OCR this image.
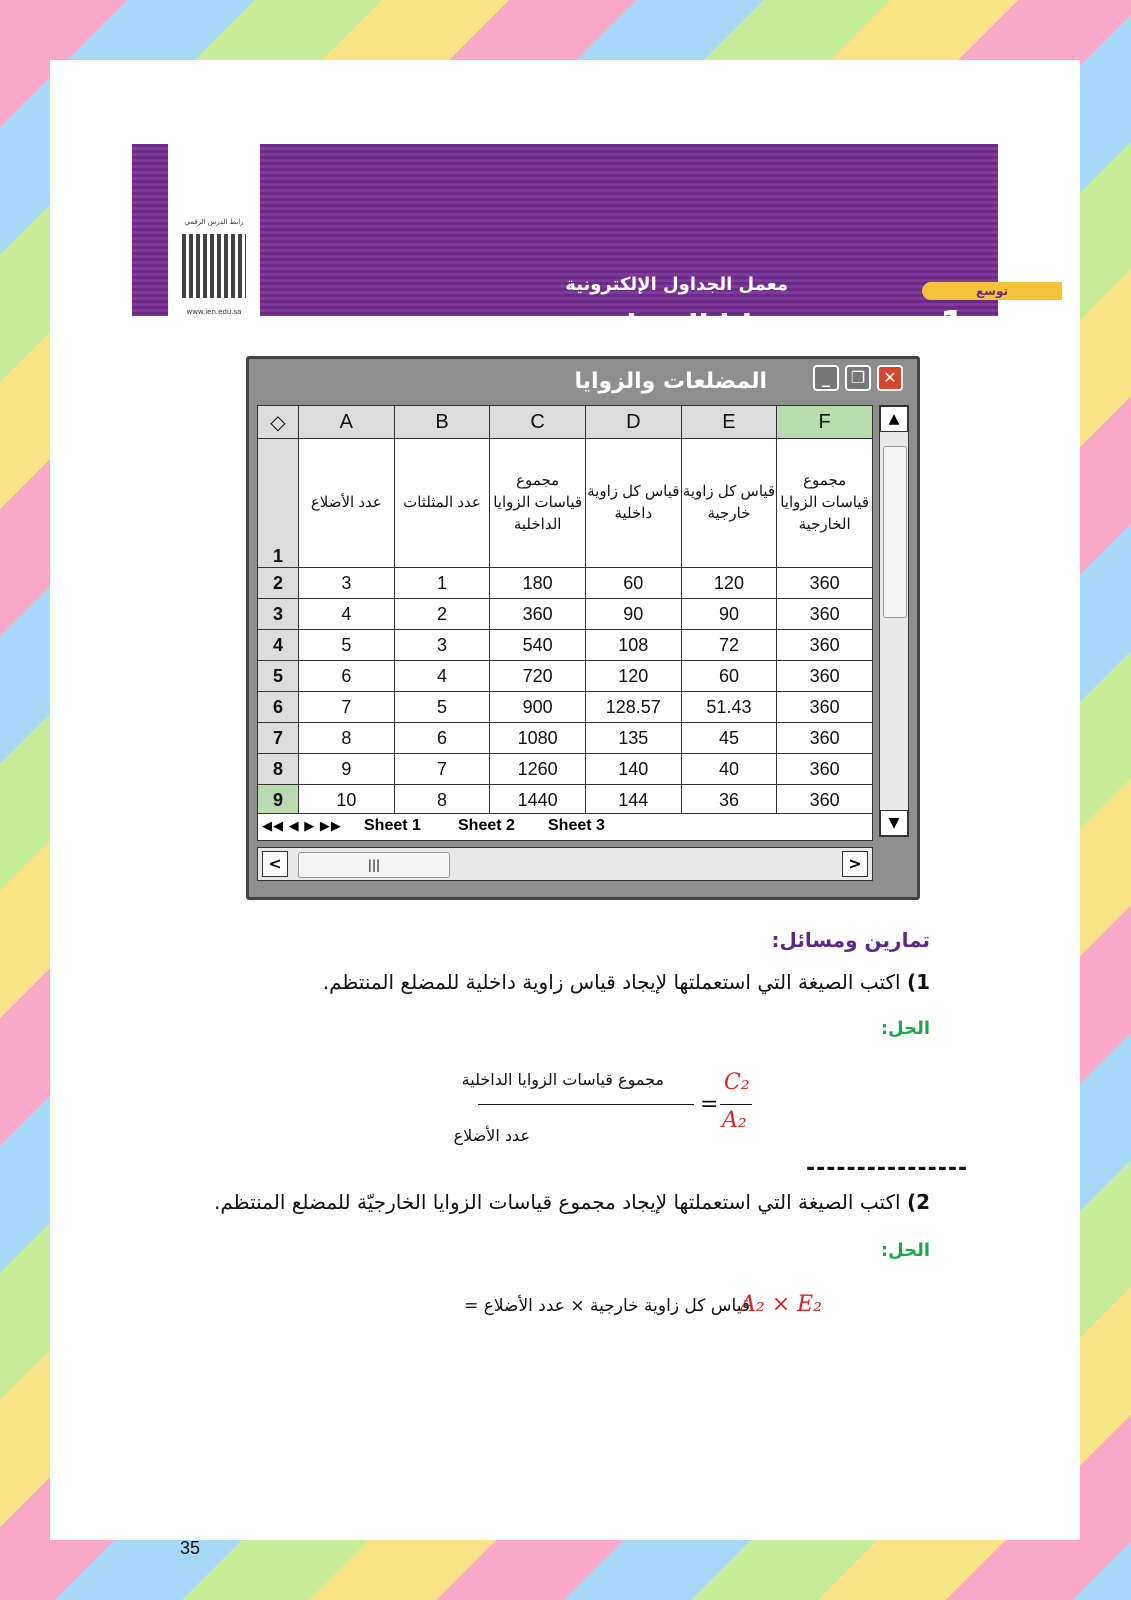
معمل الجداول الإلكترونية
زوايا المضلع
توسع
1-1
رابط الدرس الرقمي
www.ien.edu.sa
✕
❐
_
المضلعات والزوايا
◇	A	B	C	D	E	F
1	عدد الأضلاع	عدد المثلثات	مجموع قياسات الزوايا الداخلية	قياس كل زاوية داخلية	قياس كل زاوية خارجية	مجموع قياسات الزوايا الخارجية
2	3	1	180	60	120	360
3	4	2	360	90	90	360
4	5	3	540	108	72	360
5	6	4	720	120	60	360
6	7	5	900	128.57	51.43	360
7	8	6	1080	135	45	360
8	9	7	1260	140	40	360
9	10	8	1440	144	36	360
▲
▼
◀◀ ◀ ▶ ▶▶ Sheet 1 Sheet 2 Sheet 3
<	|||	>
تمارين ومسائل:
1) اكتب الصيغة التي استعملتها لإيجاد قياس زاوية داخلية للمضلع المنتظم.
الحل:
مجموع قياسات الزوايا الداخلية
عدد الأضلاع
=
C₂
A₂
----------------
2) اكتب الصيغة التي استعملتها لإيجاد مجموع قياسات الزوايا الخارجيّة للمضلع المنتظم.
الحل:
قياس كل زاوية خارجية × عدد الأضلاع =
A₂ × E₂
35
